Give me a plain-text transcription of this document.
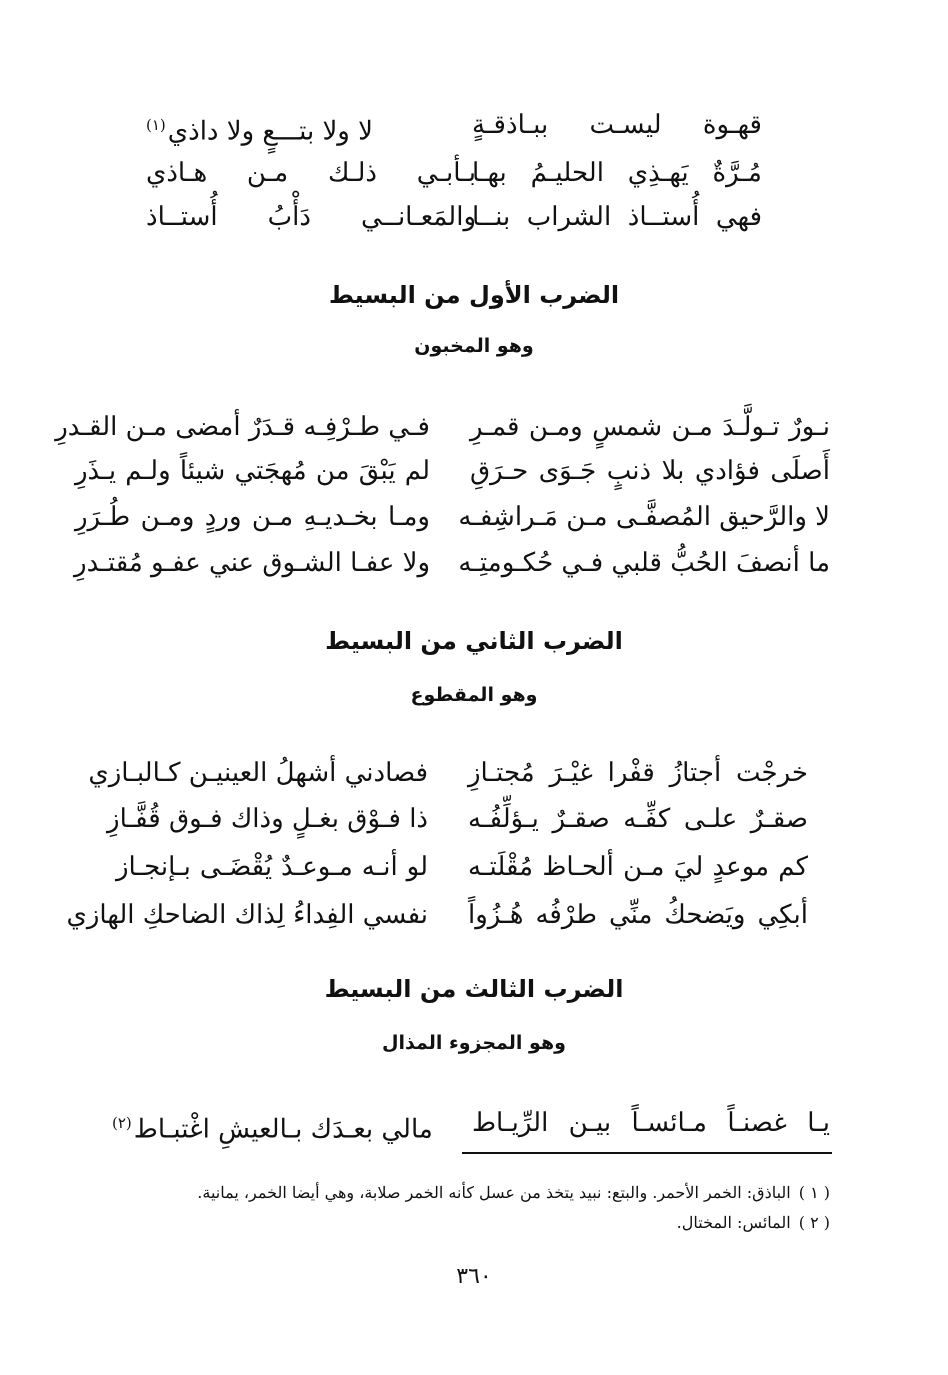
قهـوة ليسـت ببـاذقـةٍ
لا ولا بتـــعٍ ولا داذي$^{(١)}$
مُـرَّةٌ يَهـذِي الحليـمُ بهـا
بـأبـي ذلـك مـن هـاذي
فهي أُستــاذ الشراب بنــا
والمَعـانــي دَأْبُ أُستــاذ
الضرب الأول من البسيط
وهو المخبون
نـورٌ تـولَّـدَ مـن شمسٍ ومـن قمـرِ
فـي طـرْفِـه قـدَرٌ أمضى مـن القـدرِ
أَصلَى فؤادي بلا ذنبٍ جَـوَى حـرَقِ
لم يَبْقَ من مُهجَتي شيئاً ولـم يـذَرِ
لا والرَّحيق المُصفَّـى مـن مَـراشِفـه
ومـا بخـديـهِ مـن وردٍ ومـن طُـرَرِ
ما أنصفَ الحُبُّ قلبي فـي حُكـومتِـه
ولا عفـا الشـوق عني عفـو مُقتـدرِ
الضرب الثاني من البسيط
وهو المقطوع
خرجْت أجتازُ قفْرا غيْـرَ مُجتـازِ
فصادني أشهلُ العينيـن كـالبـازي
صقـرٌ علـى كفِّـه صقـرٌ يـؤلِّفُـه
ذا فـوْق بغـلٍ وذاك فـوق قُفَّـازِ
كم موعدٍ ليَ مـن ألحـاظ مُقْلَتـه
لو أنـه مـوعـدٌ يُقْضَـى بـإنجـاز
أبكِي ويَضحكُ منِّي طرْفُه هُـزُواً
نفسي الفِداءُ لِذاك الضاحكِ الهازي
الضرب الثالث من البسيط
وهو المجزوء المذال
يـا غصنـاً مـائسـاً بيـن الرِّيـاط
مالي بعـدَك بـالعيشِ اغْتبـاط$^{(٢)}$
( ١ )الباذق: الخمر الأحمر. والبتع: نبيد يتخذ من عسل كأنه الخمر صلابة، وهي أيضا الخمر، يمانية.
( ٢ )المائس: المختال.
٣٦٠
